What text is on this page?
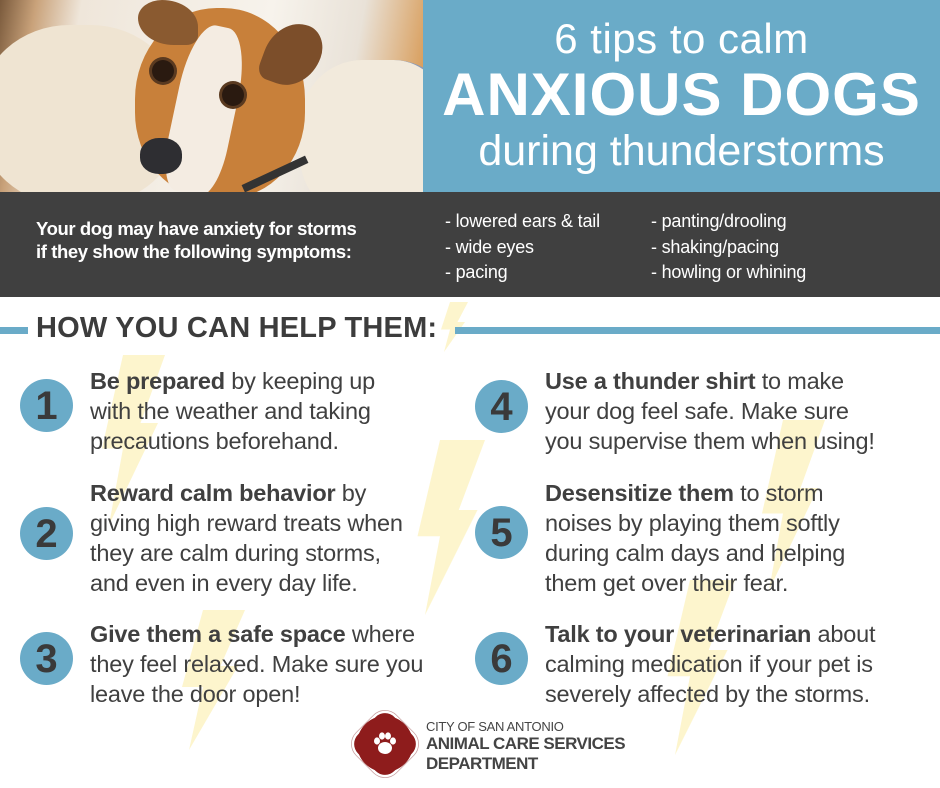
6 tips to calm
ANXIOUS DOGS
during thunderstorms
Your dog may have anxiety for storms
if they show the following symptoms:
- lowered ears & tail
- wide eyes
- pacing
- panting/drooling
- shaking/pacing
- howling or whining
HOW YOU CAN HELP THEM:
1
Be prepared by keeping up
with the weather and taking
precautions beforehand.
2
Reward calm behavior by
giving high reward treats when
they are calm during storms,
and even in every day life.
3
Give them a safe space where
they feel relaxed. Make sure you
leave the door open!
4
Use a thunder shirt to make
your dog feel safe. Make sure
you supervise them when using!
5
Desensitize them to storm
noises by playing them softly
during calm days and helping
them get over their fear.
6
Talk to your veterinarian about
calming medication if your pet is
severely affected by the storms.
CITY OF SAN ANTONIO
ANIMAL CARE SERVICES
DEPARTMENT
